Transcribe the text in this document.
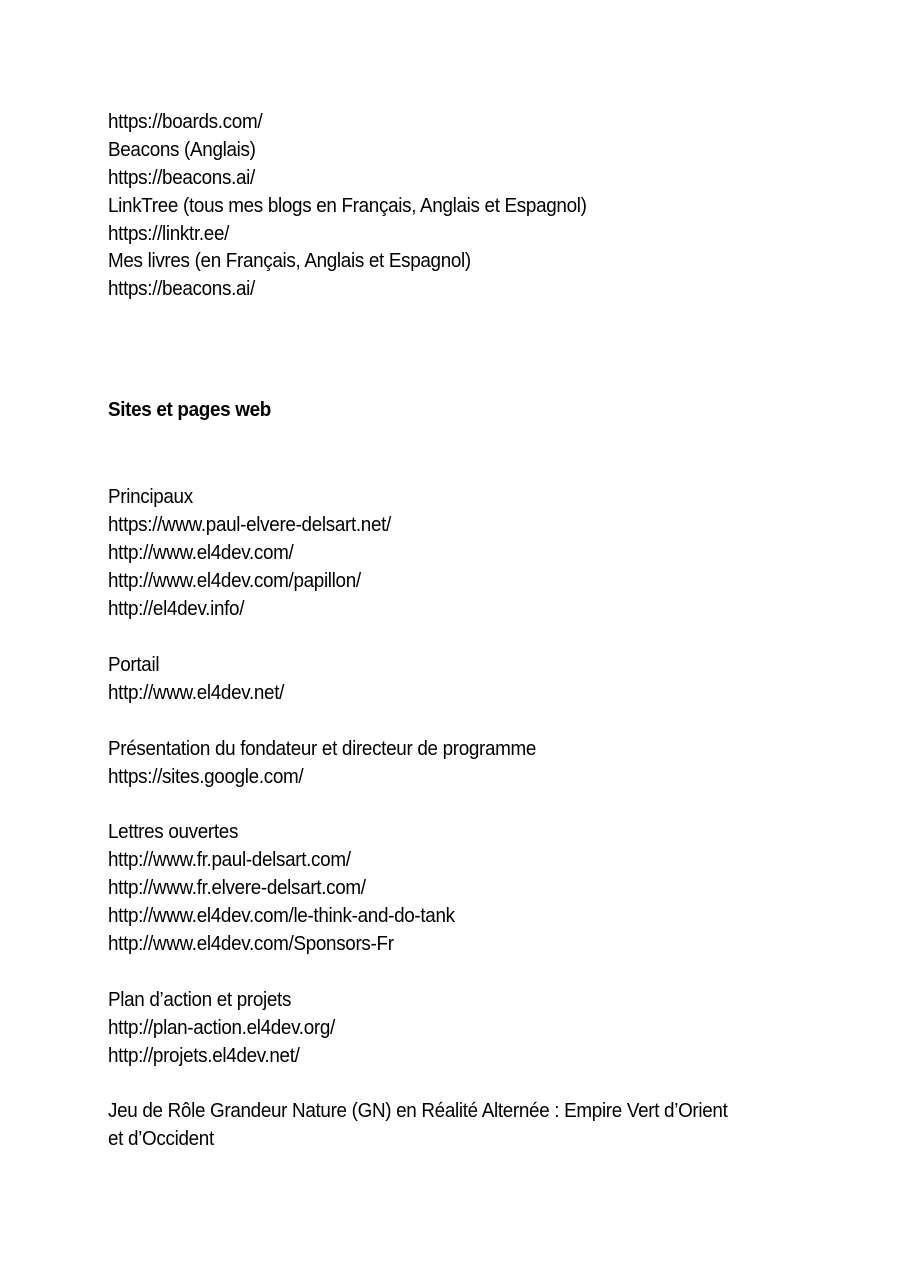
https://boards.com/
Beacons (Anglais)
https://beacons.ai/
LinkTree (tous mes blogs en Français, Anglais et Espagnol)
https://linktr.ee/
Mes livres (en Français, Anglais et Espagnol)
https://beacons.ai/
Sites et pages web
Principaux
https://www.paul-elvere-delsart.net/
http://www.el4dev.com/
http://www.el4dev.com/papillon/
http://el4dev.info/
Portail
http://www.el4dev.net/
Présentation du fondateur et directeur de programme
https://sites.google.com/
Lettres ouvertes
http://www.fr.paul-delsart.com/
http://www.fr.elvere-delsart.com/
http://www.el4dev.com/le-think-and-do-tank
http://www.el4dev.com/Sponsors-Fr
Plan d’action et projets
http://plan-action.el4dev.org/
http://projets.el4dev.net/
Jeu de Rôle Grandeur Nature (GN) en Réalité Alternée : Empire Vert d’Orient
et d’Occident
